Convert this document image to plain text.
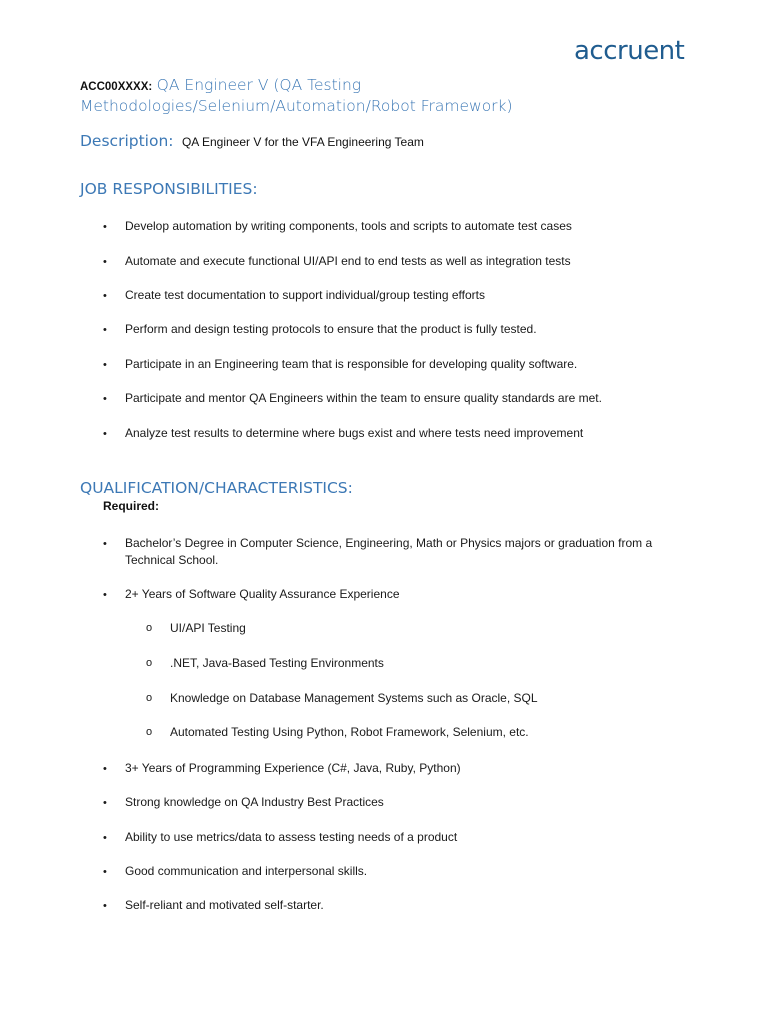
accruent
ACC00XXXX: QA Engineer V (QA Testing Methodologies/Selenium/Automation/Robot Framework)
Description: QA Engineer V for the VFA Engineering Team
JOB RESPONSIBILITIES:
• Develop automation by writing components, tools and scripts to automate test cases
• Automate and execute functional UI/API end to end tests as well as integration tests
• Create test documentation to support individual/group testing efforts
• Perform and design testing protocols to ensure that the product is fully tested.
• Participate in an Engineering team that is responsible for developing quality software.
• Participate and mentor QA Engineers within the team to ensure quality standards are met.
• Analyze test results to determine where bugs exist and where tests need improvement
QUALIFICATION/CHARACTERISTICS:
Required:
• Bachelor’s Degree in Computer Science, Engineering, Math or Physics majors or graduation from a Technical School.
• 2+ Years of Software Quality Assurance Experience
o UI/API Testing
o .NET, Java-Based Testing Environments
o Knowledge on Database Management Systems such as Oracle, SQL
o Automated Testing Using Python, Robot Framework, Selenium, etc.
• 3+ Years of Programming Experience (C#, Java, Ruby, Python)
• Strong knowledge on QA Industry Best Practices
• Ability to use metrics/data to assess testing needs of a product
• Good communication and interpersonal skills.
• Self-reliant and motivated self-starter.
